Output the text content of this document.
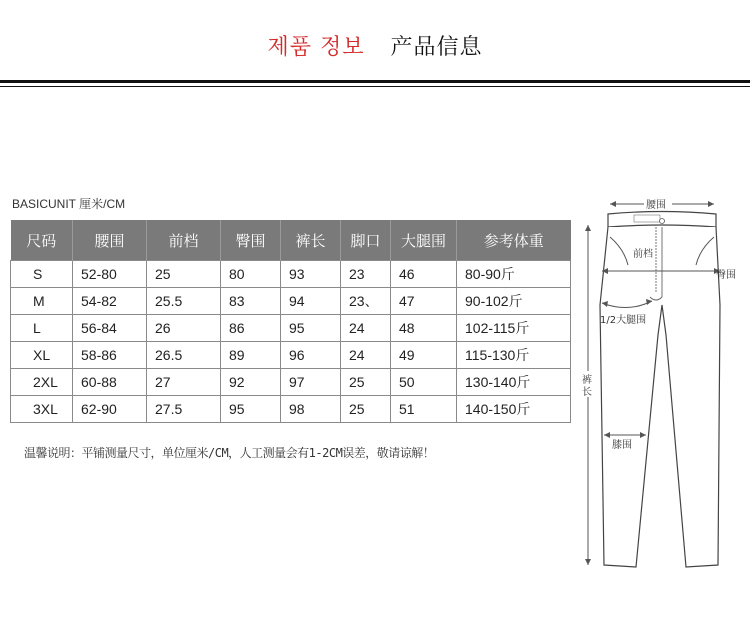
제품 정보 产品信息
BASICUNIT 厘米/CM
尺码	腰围	前档	臀围	裤长	脚口	大腿围	参考体重
S	52-80	25	80	93	23	46	80-90斤
M	54-82	25.5	83	94	23、	47	90-102斤
L	56-84	26	86	95	24	48	102-115斤
XL	58-86	26.5	89	96	24	49	115-130斤
2XL	60-88	27	92	97	25	50	130-140斤
3XL	62-90	27.5	95	98	25	51	140-150斤
温馨说明：平铺测量尺寸，单位厘米/CM，人工测量会有1-2CM误差，敬请谅解！
腰围
前档
臀围
1/2大腿围
裤长
膝围
